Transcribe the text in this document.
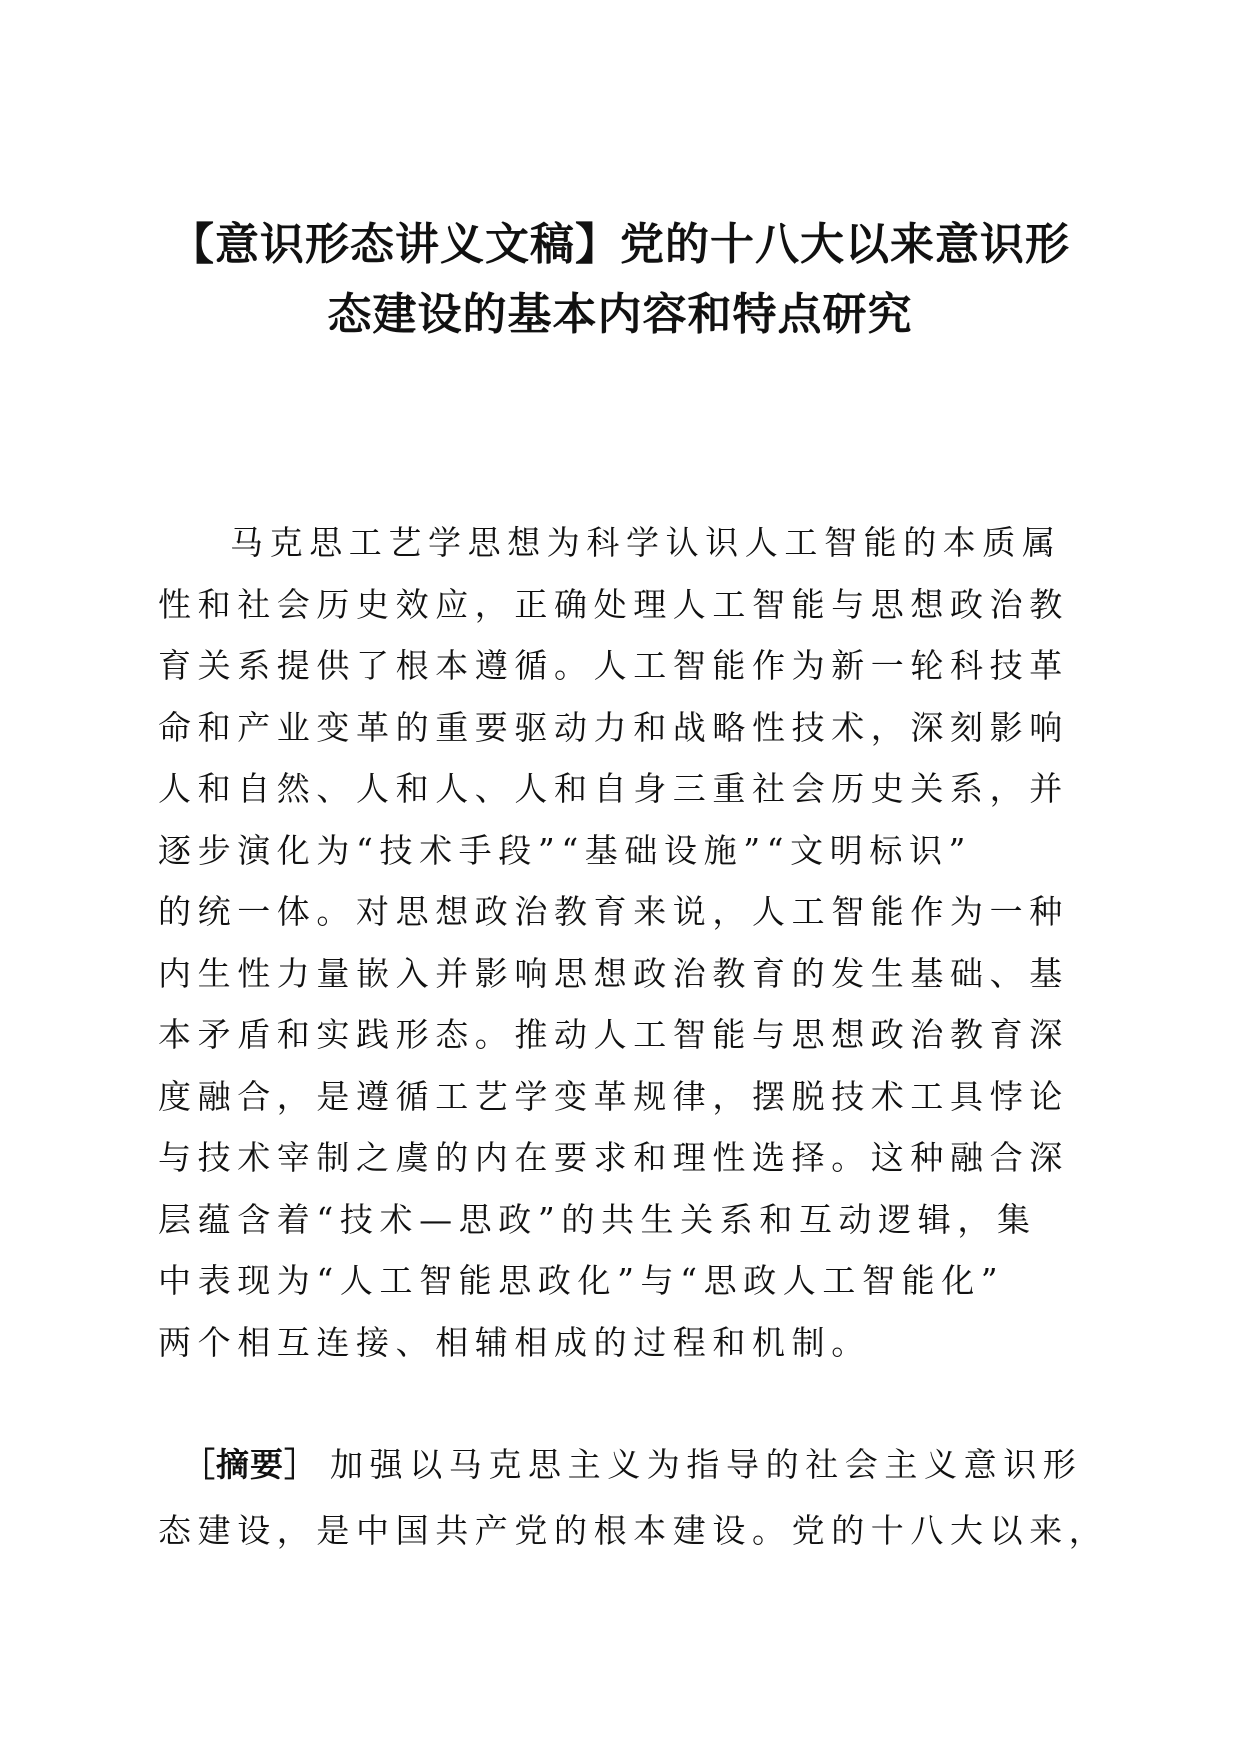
【意识形态讲义文稿】党的十八大以来意识形
态建设的基本内容和特点研究
马克思工艺学思想为科学认识人工智能的本质属
性和社会历史效应，正确处理人工智能与思想政治教
育关系提供了根本遵循。人工智能作为新一轮科技革
命和产业变革的重要驱动力和战略性技术，深刻影响
人和自然、人和人、人和自身三重社会历史关系，并
逐步演化为“技术手段”“基础设施”“文明标识”
的统一体。对思想政治教育来说，人工智能作为一种
内生性力量嵌入并影响思想政治教育的发生基础、基
本矛盾和实践形态。推动人工智能与思想政治教育深
度融合，是遵循工艺学变革规律，摆脱技术工具悖论
与技术宰制之虞的内在要求和理性选择。这种融合深
层蕴含着“技术—思政”的共生关系和互动逻辑，集
中表现为“人工智能思政化”与“思政人工智能化”
两个相互连接、相辅相成的过程和机制。
［摘要］ 加强以马克思主义为指导的社会主义意识形
态建设，是中国共产党的根本建设。党的十八大以来，
